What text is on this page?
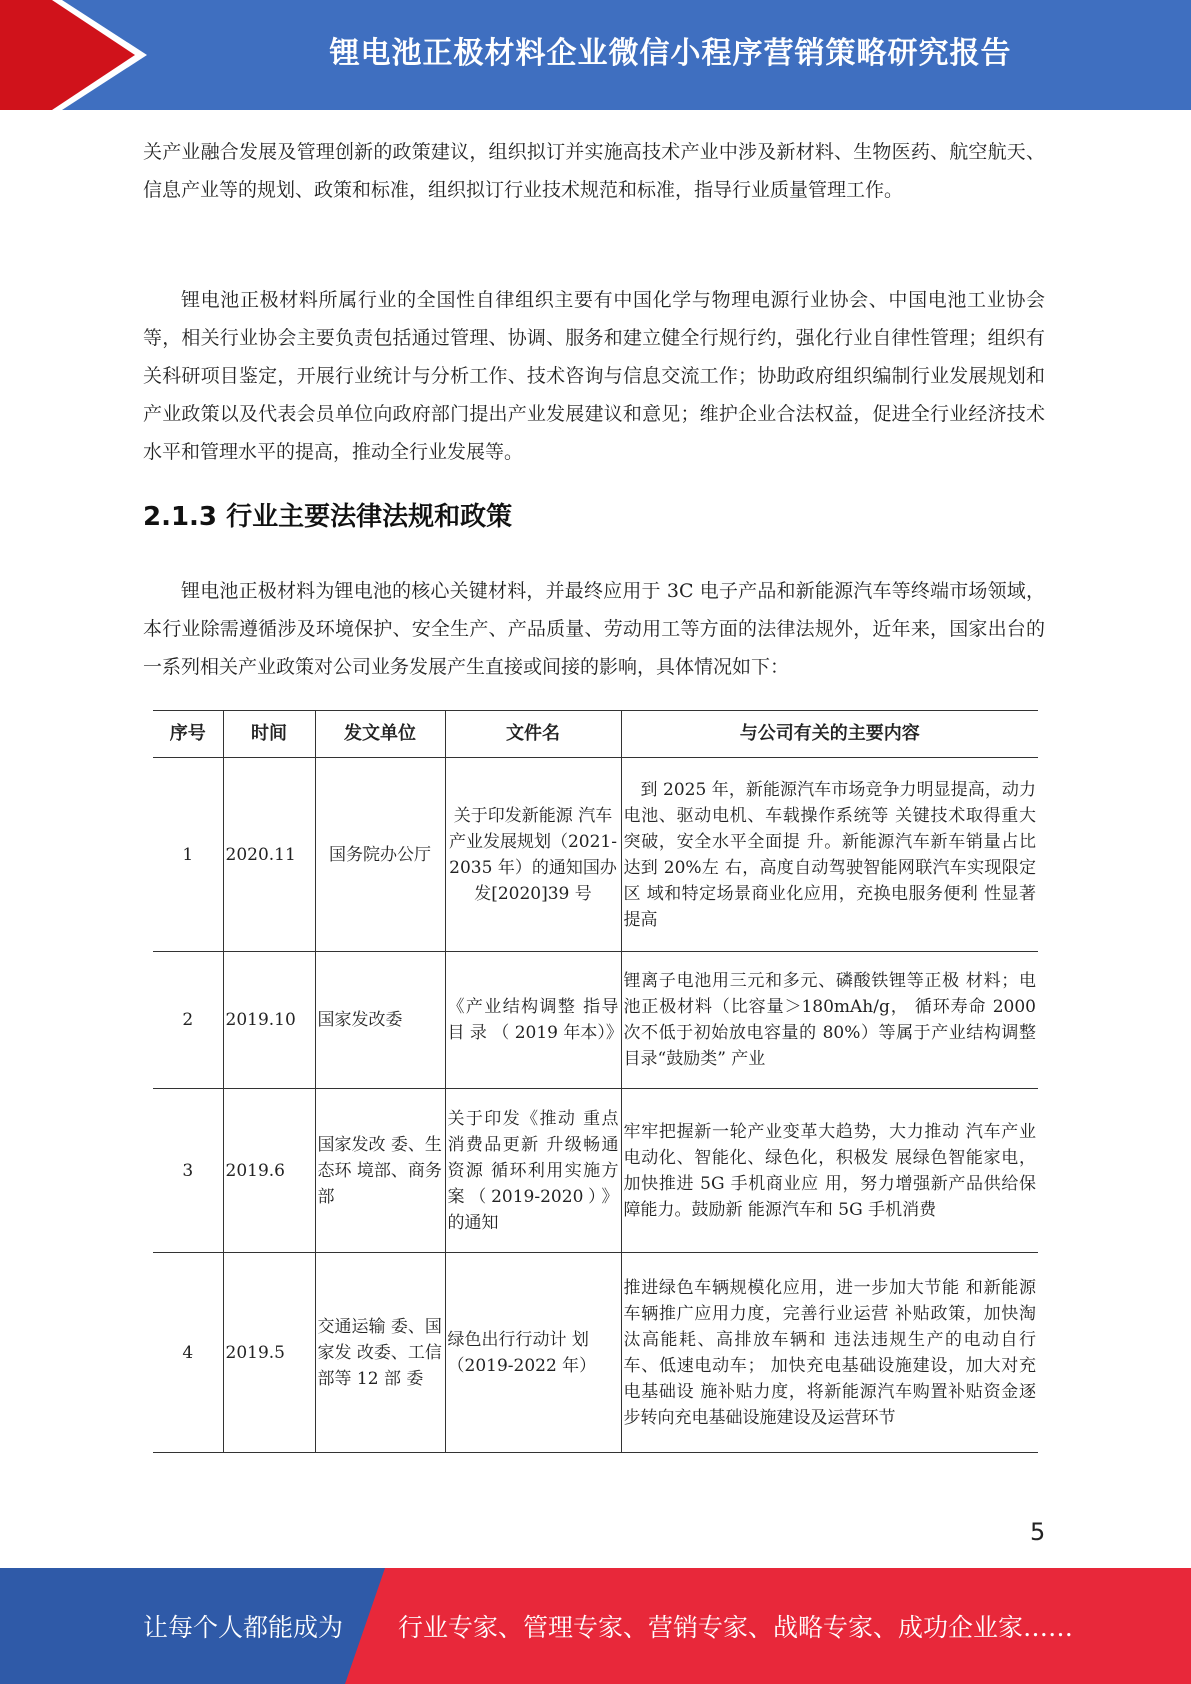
锂电池正极材料企业微信小程序营销策略研究报告

关产业融合发展及管理创新的政策建议，组织拟订并实施高技术产业中涉及新材料、生物医药、航空航天、信息产业等的规划、政策和标准，组织拟订行业技术规范和标准，指导行业质量管理工作。

锂电池正极材料所属行业的全国性自律组织主要有中国化学与物理电源行业协会、中国电池工业协会等，相关行业协会主要负责包括通过管理、协调、服务和建立健全行规行约，强化行业自律性管理；组织有关科研项目鉴定，开展行业统计与分析工作、技术咨询与信息交流工作；协助政府组织编制行业发展规划和产业政策以及代表会员单位向政府部门提出产业发展建议和意见；维护企业合法权益，促进全行业经济技术水平和管理水平的提高，推动全行业发展等。

2.1.3 行业主要法律法规和政策

锂电池正极材料为锂电池的核心关键材料，并最终应用于 3C 电子产品和新能源汽车等终端市场领域，本行业除需遵循涉及环境保护、安全生产、产品质量、劳动用工等方面的法律法规外，近年来，国家出台的一系列相关产业政策对公司业务发展产生直接或间接的影响，具体情况如下：

序号	时间	发文单位	文件名	与公司有关的主要内容
1	2020.11	国务院办公厅	关于印发新能源 汽车产业发展规划（2021-2035 年）的通知国办 发[2020]39 号	到 2025 年，新能源汽车市场竞争力明显提高，动力电池、驱动电机、车载操作系统等 关键技术取得重大突破，安全水平全面提 升。新能源汽车新车销量占比达到 20%左 右，高度自动驾驶智能网联汽车实现限定区 域和特定场景商业化应用，充换电服务便利 性显著提高
2	2019.10	国家发改委	《产业结构调整 指导 目 录 （ 2019 年本）》	锂离子电池用三元和多元、磷酸铁锂等正极 材料；电池正极材料（比容量＞180mAh/g， 循环寿命 2000 次不低于初始放电容量的 80%）等属于产业结构调整目录“鼓励类” 产业
3	2019.6	国家发改 委、生态环 境部、商务 部	关于印发《推动 重点消费品更新 升级畅通资源 循环利用实施方 案（2019-2020）》 的通知	牢牢把握新一轮产业变革大趋势，大力推动 汽车产业电动化、智能化、绿色化，积极发 展绿色智能家电，加快推进 5G 手机商业应 用，努力增强新产品供给保障能力。鼓励新 能源汽车和 5G 手机消费
4	2019.5	交通运输 委、国家发 改委、工信 部等 12 部 委	绿色出行行动计 划（2019-2022 年）	推进绿色车辆规模化应用，进一步加大节能 和新能源车辆推广应用力度，完善行业运营 补贴政策，加快淘汰高能耗、高排放车辆和 违法违规生产的电动自行车、低速电动车； 加快充电基础设施建设，加大对充电基础设 施补贴力度，将新能源汽车购置补贴资金逐步转向充电基础设施建设及运营环节
5
让每个人都能成为 行业专家、管理专家、营销专家、战略专家、成功企业家……
